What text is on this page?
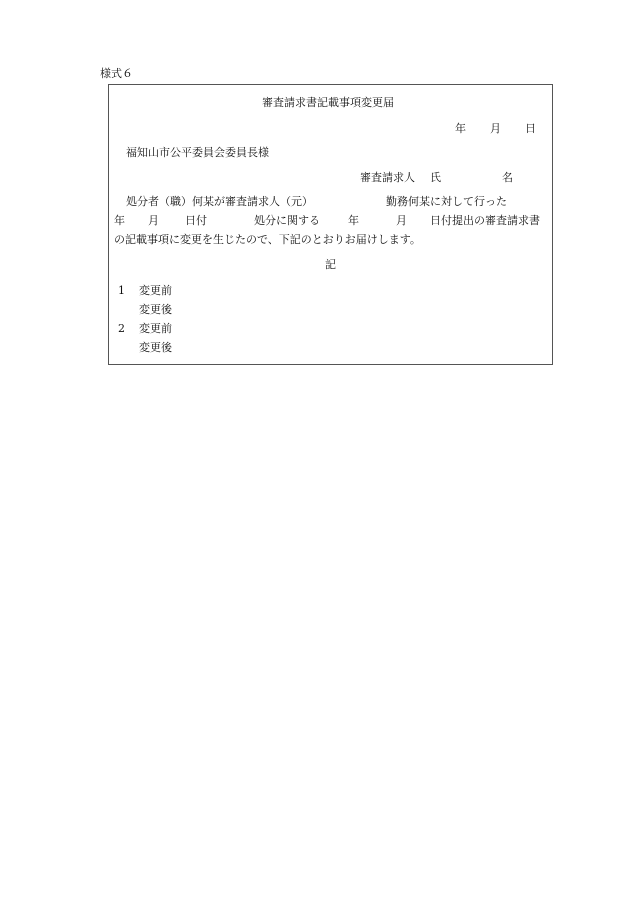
様式６

審査請求書記載事項変更届

年 月 日

福知山市公平委員会委員長様

審査請求人 氏	名
処分者（職）何某が審査請求人（元）	勤務何某に対して行った
年 月 日付	処分に関する	年	月 日付提出の審査請求書

の記載事項に変更を生じたので、下記のとおりお届けします。

記

1 変更前
変更後
2 変更前
変更後
